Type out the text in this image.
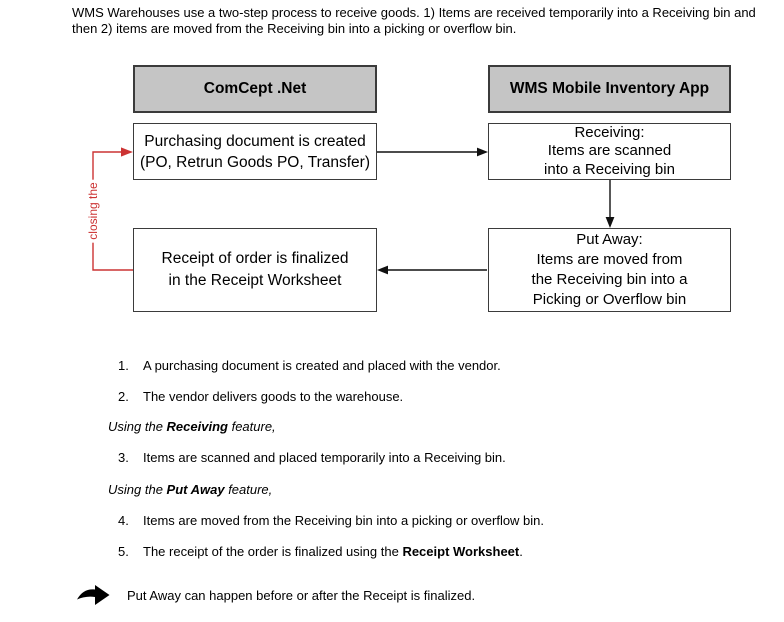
WMS Warehouses use a two-step process to receive goods. 1) Items are received temporarily into a Receiving bin and
then 2) items are moved from the Receiving bin into a picking or overflow bin.
ComCept .Net	WMS Mobile Inventory App
Purchasing document is created
(PO, Retrun Goods PO, Transfer)
Receiving:
Items are scanned
into a Receiving bin
Receipt of order is finalized
in the Receipt Worksheet
Put Away:
Items are moved from
the Receiving bin into a
Picking or Overflow bin
closing the
1. A purchasing document is created and placed with the vendor.
2. The vendor delivers goods to the warehouse.
Using the Receiving feature,
3. Items are scanned and placed temporarily into a Receiving bin.
Using the Put Away feature,
4. Items are moved from the Receiving bin into a picking or overflow bin.
5. The receipt of the order is finalized using the Receipt Worksheet.
Put Away can happen before or after the Receipt is finalized.
